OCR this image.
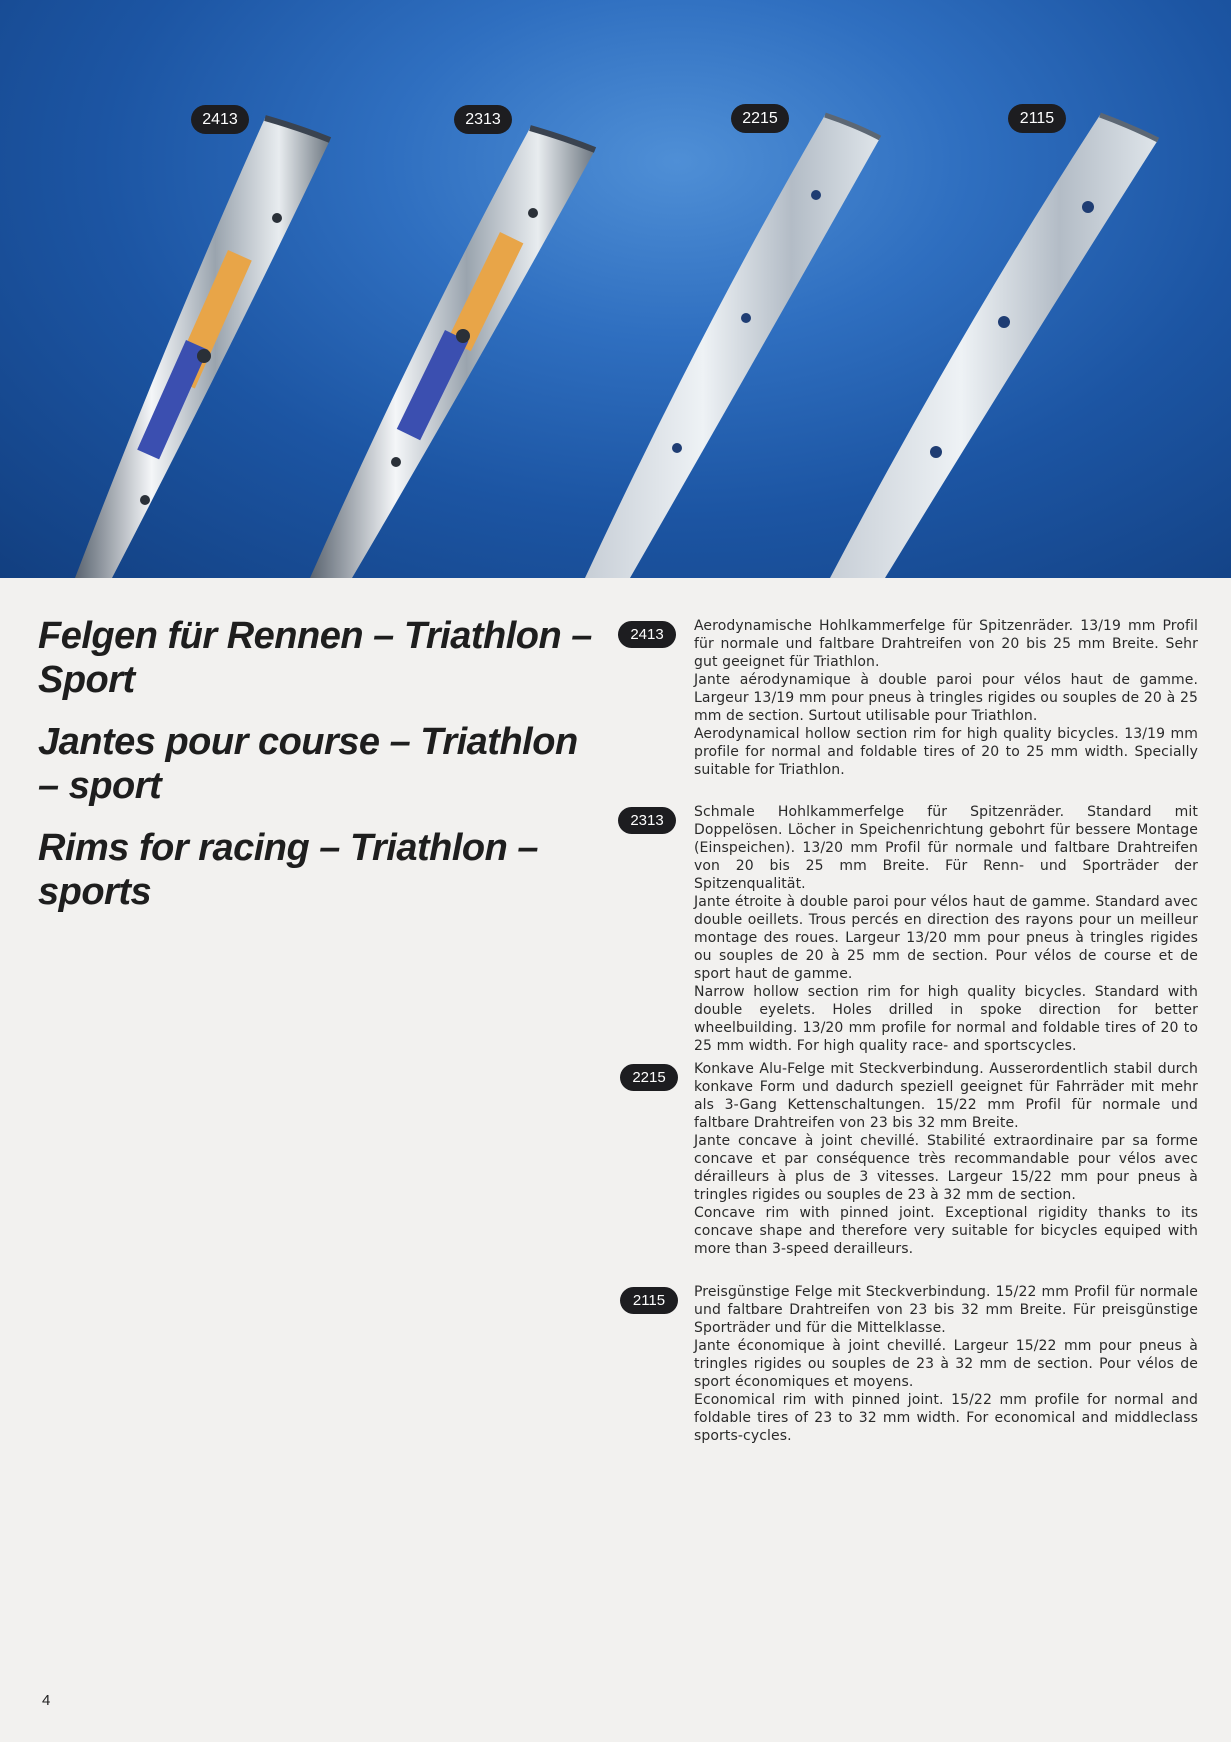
2413	2313	2215	2115
Felgen für Rennen – Triathlon – Sport
Jantes pour course – Triathlon – sport
Rims for racing – Triathlon – sports
2413	Aerodynamische Hohlkammerfelge für Spitzenräder. 13/19 mm Profil für normale und faltbare Drahtreifen von 20 bis 25 mm Breite. Sehr gut geeignet für Triathlon.

Jante aérodynamique à double paroi pour vélos haut de gamme. Largeur 13/19 mm pour pneus à tringles rigides ou souples de 20 à 25 mm de section. Surtout utilisable pour Triathlon.

Aerodynamical hollow section rim for high quality bicycles. 13/19 mm profile for normal and foldable tires of 20 to 25 mm width. Specially suitable for Triathlon.

2313	Schmale Hohlkammerfelge für Spitzenräder. Standard mit Doppelösen. Löcher in Speichenrichtung gebohrt für bessere Montage (Einspeichen). 13/20 mm Profil für normale und faltbare Drahtreifen von 20 bis 25 mm Breite. Für Renn- und Sporträder der Spitzenqualität.

Jante étroite à double paroi pour vélos haut de gamme. Standard avec double oeillets. Trous percés en direction des rayons pour un meilleur montage des roues. Largeur 13/20 mm pour pneus à tringles rigides ou souples de 20 à 25 mm de section. Pour vélos de course et de sport haut de gamme.

Narrow hollow section rim for high quality bicycles. Standard with double eyelets. Holes drilled in spoke direction for better wheelbuilding. 13/20 mm profile for normal and foldable tires of 20 to 25 mm width. For high quality race- and sportscycles.

2215	Konkave Alu-Felge mit Steckverbindung. Ausserordentlich stabil durch konkave Form und dadurch speziell geeignet für Fahrräder mit mehr als 3-Gang Kettenschaltungen. 15/22 mm Profil für normale und faltbare Drahtreifen von 23 bis 32 mm Breite.

Jante concave à joint chevillé. Stabilité extraordinaire par sa forme concave et par conséquence très recommandable pour vélos avec dérailleurs à plus de 3 vitesses. Largeur 15/22 mm pour pneus à tringles rigides ou souples de 23 à 32 mm de section.

Concave rim with pinned joint. Exceptional rigidity thanks to its concave shape and therefore very suitable for bicycles equiped with more than 3-speed derailleurs.

2115	Preisgünstige Felge mit Steckverbindung. 15/22 mm Profil für normale und faltbare Drahtreifen von 23 bis 32 mm Breite. Für preisgünstige Sporträder und für die Mittelklasse.

Jante économique à joint chevillé. Largeur 15/22 mm pour pneus à tringles rigides ou souples de 23 à 32 mm de section. Pour vélos de sport économiques et moyens.

Economical rim with pinned joint. 15/22 mm profile for normal and foldable tires of 23 to 32 mm width. For economical and middleclass sports-cycles.

4
